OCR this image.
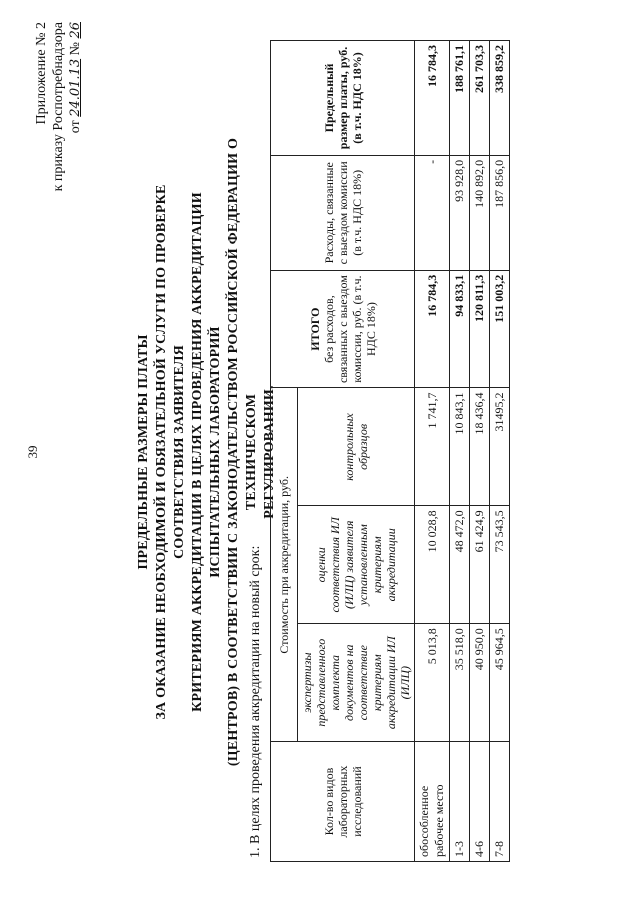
39
Приложение № 2 к приказу Роспотребнадзора от 24.01.13 № 26
ПРЕДЕЛЬНЫЕ РАЗМЕРЫ ПЛАТЫ ЗА ОКАЗАНИЕ НЕОБХОДИМОЙ И ОБЯЗАТЕЛЬНОЙ УСЛУГИ ПО ПРОВЕРКЕ СООТВЕТСТВИЯ ЗАЯВИТЕЛЯ КРИТЕРИЯМ АККРЕДИТАЦИИ В ЦЕЛЯХ ПРОВЕДЕНИЯ АККРЕДИТАЦИИ ИСПЫТАТЕЛЬНЫХ ЛАБОРАТОРИЙ (ЦЕНТРОВ) В СООТВЕТСТВИИ С ЗАКОНОДАТЕЛЬСТВОМ РОССИЙСКОЙ ФЕДЕРАЦИИ О ТЕХНИЧЕСКОМ РЕГУЛИРОВАНИИ.
1. В целях проведения аккредитации на новый срок:	Кол-во видов лабораторных исследований	Стоимость при аккредитации, руб.			ИТОГО без расходов, связанных с выездом комиссии, руб. (в т.ч. НДС 18%)	Расходы, связанные с выездом комиссии (в т.ч. НДС 18%)	Предельный размер платы, руб. (в т.ч. НДС 18%)
	экспертизы представленного комплекта документов на соответствие критериям аккредитации ИЛ (ИЛЦ)	оценки соответствия ИЛ (ИЛЦ) заявителя установленным критериям аккредитации	контрольных образцов			
обособленное рабочее место	5 013,8	10 028,8	1 741,7	16 784,3	-	16 784,3
1-3	35 518,0	48 472,0	10 843,1	94 833,1	93 928,0	188 761,1
4-6	40 950,0	61 424,9	18 436,4	120 811,3	140 892,0	261 703,3
7-8	45 964,5	73 543,5	31495,2	151 003,2	187 856,0	338 859,2
